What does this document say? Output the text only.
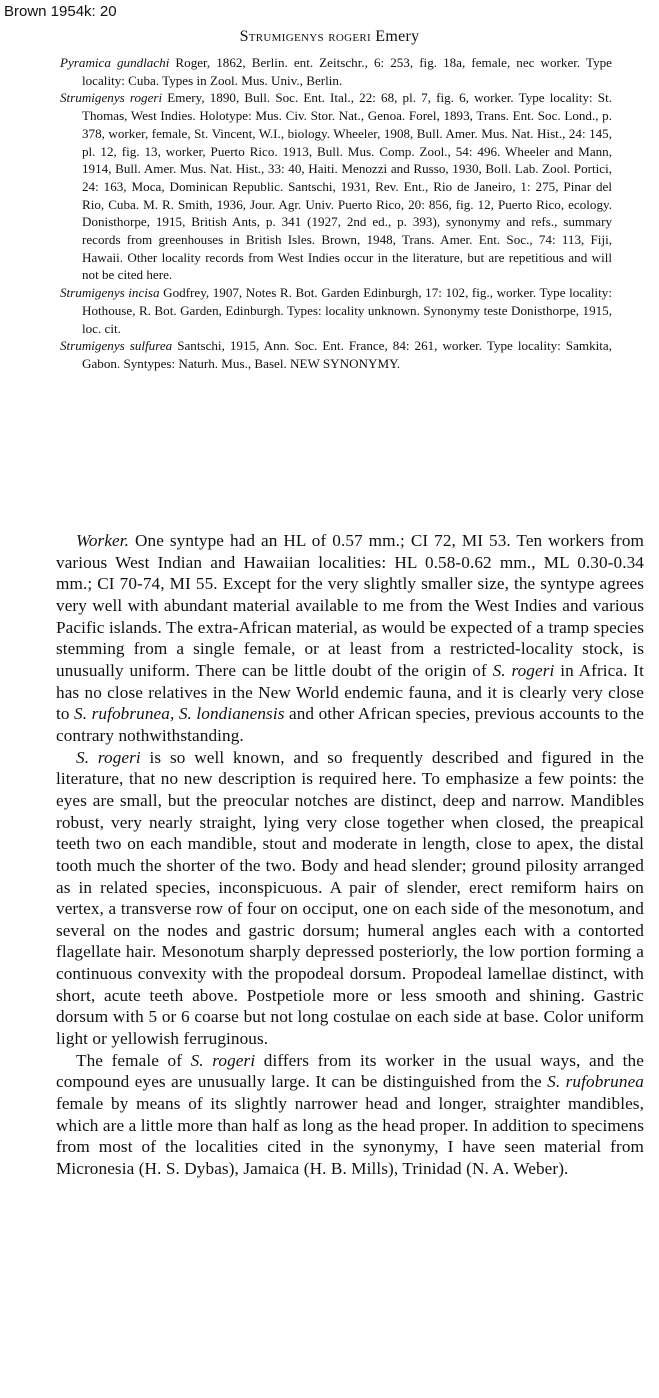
Brown 1954k: 20
Strumigenys rogeri Emery
Pyramica gundlachi Roger, 1862, Berlin. ent. Zeitschr., 6: 253, fig. 18a, female, nec worker. Type locality: Cuba. Types in Zool. Mus. Univ., Berlin.
Strumigenys rogeri Emery, 1890, Bull. Soc. Ent. Ital., 22: 68, pl. 7, fig. 6, worker. Type locality: St. Thomas, West Indies. Holotype: Mus. Civ. Stor. Nat., Genoa. Forel, 1893, Trans. Ent. Soc. Lond., p. 378, worker, female, St. Vincent, W.I., biology. Wheeler, 1908, Bull. Amer. Mus. Nat. Hist., 24: 145, pl. 12, fig. 13, worker, Puerto Rico. 1913, Bull. Mus. Comp. Zool., 54: 496. Wheeler and Mann, 1914, Bull. Amer. Mus. Nat. Hist., 33: 40, Haiti. Menozzi and Russo, 1930, Boll. Lab. Zool. Portici, 24: 163, Moca, Dominican Republic. Santschi, 1931, Rev. Ent., Rio de Janeiro, 1: 275, Pinar del Rio, Cuba. M. R. Smith, 1936, Jour. Agr. Univ. Puerto Rico, 20: 856, fig. 12, Puerto Rico, ecology. Donisthorpe, 1915, British Ants, p. 341 (1927, 2nd ed., p. 393), synonymy and refs., summary records from greenhouses in British Isles. Brown, 1948, Trans. Amer. Ent. Soc., 74: 113, Fiji, Hawaii. Other locality records from West Indies occur in the literature, but are repetitious and will not be cited here.
Strumigenys incisa Godfrey, 1907, Notes R. Bot. Garden Edinburgh, 17: 102, fig., worker. Type locality: Hothouse, R. Bot. Garden, Edinburgh. Types: locality unknown. Synonymy teste Donisthorpe, 1915, loc. cit.
Strumigenys sulfurea Santschi, 1915, Ann. Soc. Ent. France, 84: 261, worker. Type locality: Samkita, Gabon. Syntypes: Naturh. Mus., Basel. NEW SYNONYMY.

Worker. One syntype had an HL of 0.57 mm.; CI 72, MI 53. Ten workers from various West Indian and Hawaiian localities: HL 0.58-0.62 mm., ML 0.30-0.34 mm.; CI 70-74, MI 55. Except for the very slightly smaller size, the syntype agrees very well with abundant material available to me from the West Indies and various Pacific islands. The extra-African material, as would be expected of a tramp species stemming from a single female, or at least from a restricted-locality stock, is unusually uniform. There can be little doubt of the origin of S. rogeri in Africa. It has no close relatives in the New World endemic fauna, and it is clearly very close to S. rufobrunea, S. londianensis and other African species, previous accounts to the contrary nothwithstanding.

S. rogeri is so well known, and so frequently described and figured in the literature, that no new description is required here. To emphasize a few points: the eyes are small, but the preocular notches are distinct, deep and narrow. Mandibles robust, very nearly straight, lying very close together when closed, the preapical teeth two on each mandible, stout and moderate in length, close to apex, the distal tooth much the shorter of the two. Body and head slender; ground pilosity arranged as in related species, inconspicuous. A pair of slender, erect remiform hairs on vertex, a transverse row of four on occiput, one on each side of the mesonotum, and several on the nodes and gastric dorsum; humeral angles each with a contorted flagellate hair. Mesonotum sharply depressed posteriorly, the low portion forming a continuous convexity with the propodeal dorsum. Propodeal lamellae distinct, with short, acute teeth above. Postpetiole more or less smooth and shining. Gastric dorsum with 5 or 6 coarse but not long costulae on each side at base. Color uniform light or yellowish ferruginous.

The female of S. rogeri differs from its worker in the usual ways, and the compound eyes are unusually large. It can be distinguished from the S. rufobrunea female by means of its slightly narrower head and longer, straighter mandibles, which are a little more than half as long as the head proper. In addition to specimens from most of the localities cited in the synonymy, I have seen material from Micronesia (H. S. Dybas), Jamaica (H. B. Mills), Trinidad (N. A. Weber).
